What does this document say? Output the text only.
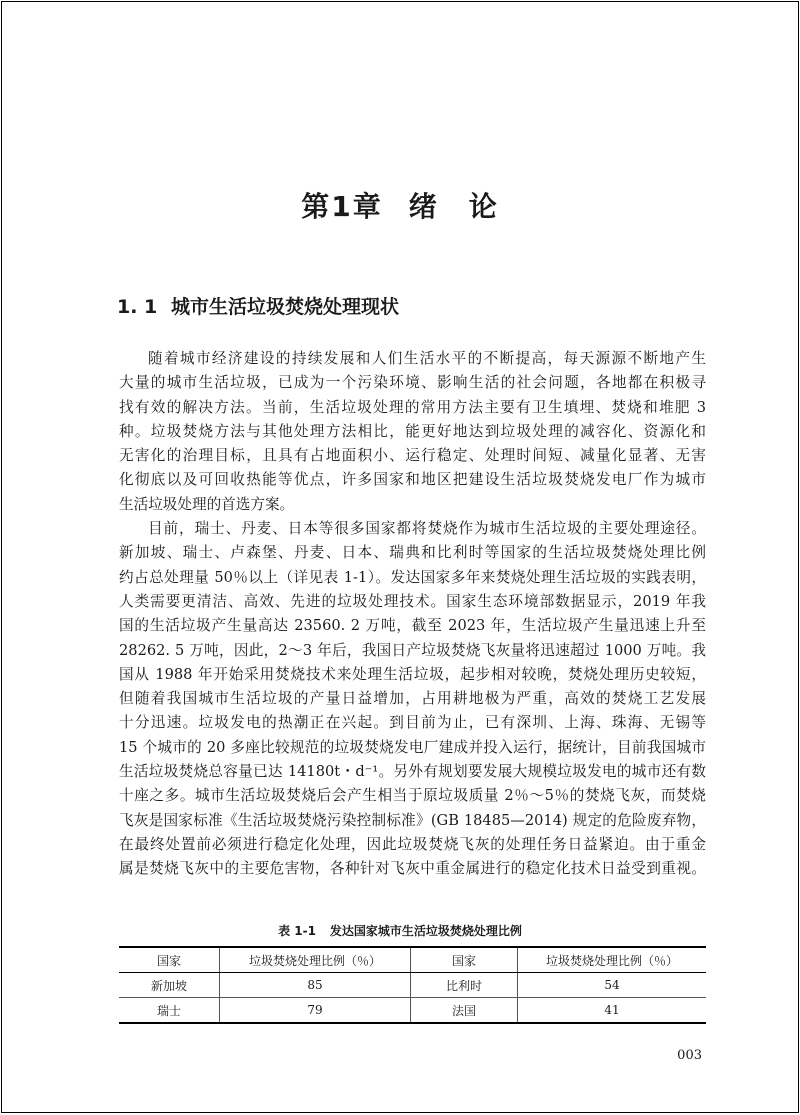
第1章 绪　论
1. 1 城市生活垃圾焚烧处理现状
随着城市经济建设的持续发展和人们生活水平的不断提高，每天源源不断地产生
大量的城市生活垃圾，已成为一个污染环境、影响生活的社会问题，各地都在积极寻
找有效的解决方法。当前，生活垃圾处理的常用方法主要有卫生填埋、焚烧和堆肥 3
种。垃圾焚烧方法与其他处理方法相比，能更好地达到垃圾处理的减容化、资源化和
无害化的治理目标，且具有占地面积小、运行稳定、处理时间短、减量化显著、无害
化彻底以及可回收热能等优点，许多国家和地区把建设生活垃圾焚烧发电厂作为城市
生活垃圾处理的首选方案。
目前，瑞士、丹麦、日本等很多国家都将焚烧作为城市生活垃圾的主要处理途径。
新加坡、瑞士、卢森堡、丹麦、日本、瑞典和比利时等国家的生活垃圾焚烧处理比例
约占总处理量 50％以上（详见表 1-1）。发达国家多年来焚烧处理生活垃圾的实践表明，
人类需要更清洁、高效、先进的垃圾处理技术。国家生态环境部数据显示，2019 年我
国的生活垃圾产生量高达 23560. 2 万吨，截至 2023 年，生活垃圾产生量迅速上升至
28262. 5 万吨，因此，2～3 年后，我国日产垃圾焚烧飞灰量将迅速超过 1000 万吨。我
国从 1988 年开始采用焚烧技术来处理生活垃圾，起步相对较晚，焚烧处理历史较短，
但随着我国城市生活垃圾的产量日益增加，占用耕地极为严重，高效的焚烧工艺发展
十分迅速。垃圾发电的热潮正在兴起。到目前为止，已有深圳、上海、珠海、无锡等
15 个城市的 20 多座比较规范的垃圾焚烧发电厂建成并投入运行，据统计，目前我国城市
生活垃圾焚烧总容量已达 14180t・d⁻¹。另外有规划要发展大规模垃圾发电的城市还有数
十座之多。城市生活垃圾焚烧后会产生相当于原垃圾质量 2％～5％的焚烧飞灰，而焚烧
飞灰是国家标准《生活垃圾焚烧污染控制标准》(GB 18485—2014) 规定的危险废弃物，
在最终处置前必须进行稳定化处理，因此垃圾焚烧飞灰的处理任务日益紧迫。由于重金
属是焚烧飞灰中的主要危害物，各种针对飞灰中重金属进行的稳定化技术日益受到重视。
表 1-1 发达国家城市生活垃圾焚烧处理比例
国家	垃圾焚烧处理比例（％）	国家	垃圾焚烧处理比例（％）
新加坡	85	比利时	54
瑞士	79	法国	41
003
